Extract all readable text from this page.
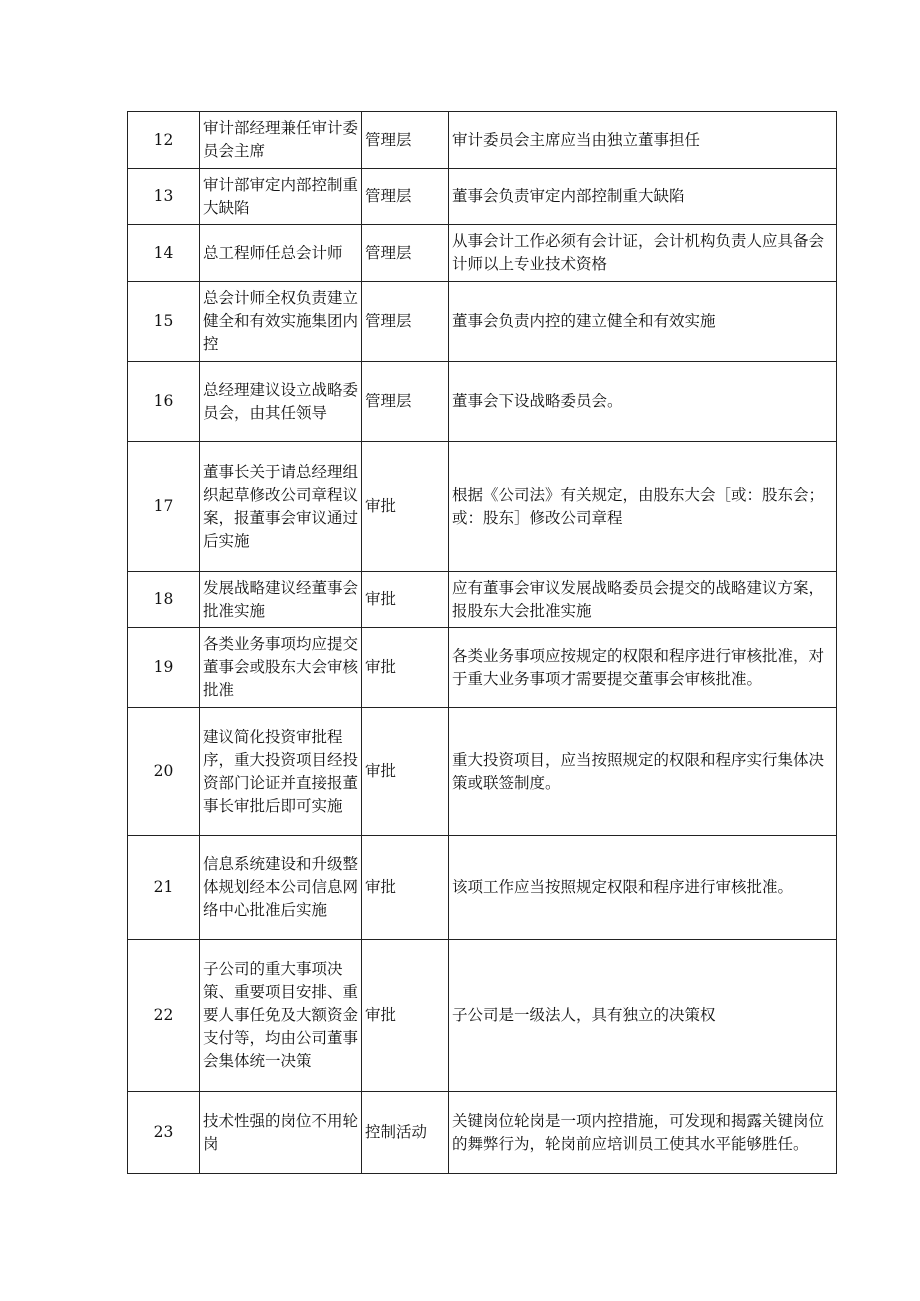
12	审计部经理兼任审计委员会主席	管理层	审计委员会主席应当由独立董事担任
13	审计部审定内部控制重大缺陷	管理层	董事会负责审定内部控制重大缺陷
14	总工程师任总会计师	管理层	从事会计工作必须有会计证，会计机构负责人应具备会计师以上专业技术资格
15	总会计师全权负责建立健全和有效实施集团内控	管理层	董事会负责内控的建立健全和有效实施
16	总经理建议设立战略委员会，由其任领导	管理层	董事会下设战略委员会。
17	董事长关于请总经理组织起草修改公司章程议案，报董事会审议通过后实施	审批	根据《公司法》有关规定，由股东大会［或：股东会；或：股东］修改公司章程
18	发展战略建议经董事会批准实施	审批	应有董事会审议发展战略委员会提交的战略建议方案，报股东大会批准实施
19	各类业务事项均应提交董事会或股东大会审核批准	审批	各类业务事项应按规定的权限和程序进行审核批准，对于重大业务事项才需要提交董事会审核批准。
20	建议简化投资审批程序，重大投资项目经投资部门论证并直接报董事长审批后即可实施	审批	重大投资项目，应当按照规定的权限和程序实行集体决策或联签制度。
21	信息系统建设和升级整体规划经本公司信息网络中心批准后实施	审批	该项工作应当按照规定权限和程序进行审核批准。
22	子公司的重大事项决策、重要项目安排、重要人事任免及大额资金支付等，均由公司董事会集体统一决策	审批	子公司是一级法人，具有独立的决策权
23	技术性强的岗位不用轮岗	控制活动	关键岗位轮岗是一项内控措施，可发现和揭露关键岗位的舞弊行为，轮岗前应培训员工使其水平能够胜任。
